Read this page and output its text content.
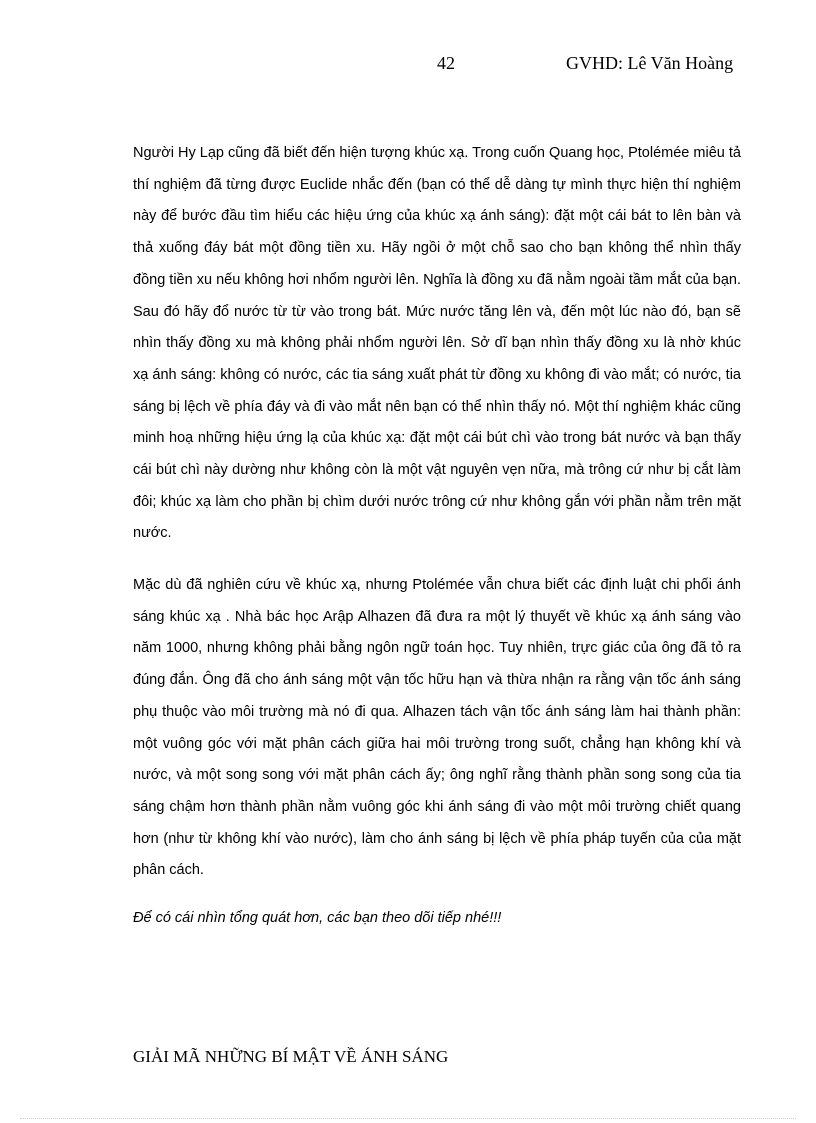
42	GVHD: Lê Văn Hoàng

Người Hy Lạp cũng đã biết đến hiện tượng khúc xạ. Trong cuốn Quang học, Ptolémée miêu tả thí nghiệm đã từng được Euclide nhắc đến (bạn có thể dễ dàng tự mình thực hiện thí nghiệm này để bước đầu tìm hiểu các hiệu ứng của khúc xạ ánh sáng): đặt một cái bát to lên bàn và thả xuống đáy bát một đồng tiền xu. Hãy ngồi ở một chỗ sao cho bạn không thể nhìn thấy đồng tiền xu nếu không hơi nhổm người lên. Nghĩa là đồng xu đã nằm ngoài tầm mắt của bạn. Sau đó hãy đổ nước từ từ vào trong bát. Mức nước tăng lên và, đến một lúc nào đó, bạn sẽ nhìn thấy đồng xu mà không phải nhổm người lên. Sở dĩ bạn nhìn thấy đồng xu là nhờ khúc xạ ánh sáng: không có nước, các tia sáng xuất phát từ đồng xu không đi vào mắt; có nước, tia sáng bị lệch về phía đáy và đi vào mắt nên bạn có thể nhìn thấy nó. Một thí nghiệm khác cũng minh hoạ những hiệu ứng lạ của khúc xạ: đặt một cái bút chì vào trong bát nước và bạn thấy cái bút chì này dường như không còn là một vật nguyên vẹn nữa, mà trông cứ như bị cắt làm đôi; khúc xạ làm cho phần bị chìm dưới nước trông cứ như không gắn với phần nằm trên mặt nước.

Mặc dù đã nghiên cứu về khúc xạ, nhưng Ptolémée vẫn chưa biết các định luật chi phối ánh sáng khúc xạ . Nhà bác học Arập Alhazen đã đưa ra một lý thuyết về khúc xạ ánh sáng vào năm 1000, nhưng không phải bằng ngôn ngữ toán học. Tuy nhiên, trực giác của ông đã tỏ ra đúng đắn. Ông đã cho ánh sáng một vận tốc hữu hạn và thừa nhận ra rằng vận tốc ánh sáng phụ thuộc vào môi trường mà nó đi qua. Alhazen tách vận tốc ánh sáng làm hai thành phần: một vuông góc với mặt phân cách giữa hai môi trường trong suốt, chẳng hạn không khí và nước, và một song song với mặt phân cách ấy; ông nghĩ rằng thành phần song song của tia sáng chậm hơn thành phần nằm vuông góc khi ánh sáng đi vào một môi trường chiết quang hơn (như từ không khí vào nước), làm cho ánh sáng bị lệch về phía pháp tuyến của của mặt phân cách.

Để có cái nhìn tổng quát hơn, các bạn theo dõi tiếp nhé!!!
GIẢI MÃ NHỮNG BÍ MẬT VỀ ÁNH SÁNG
